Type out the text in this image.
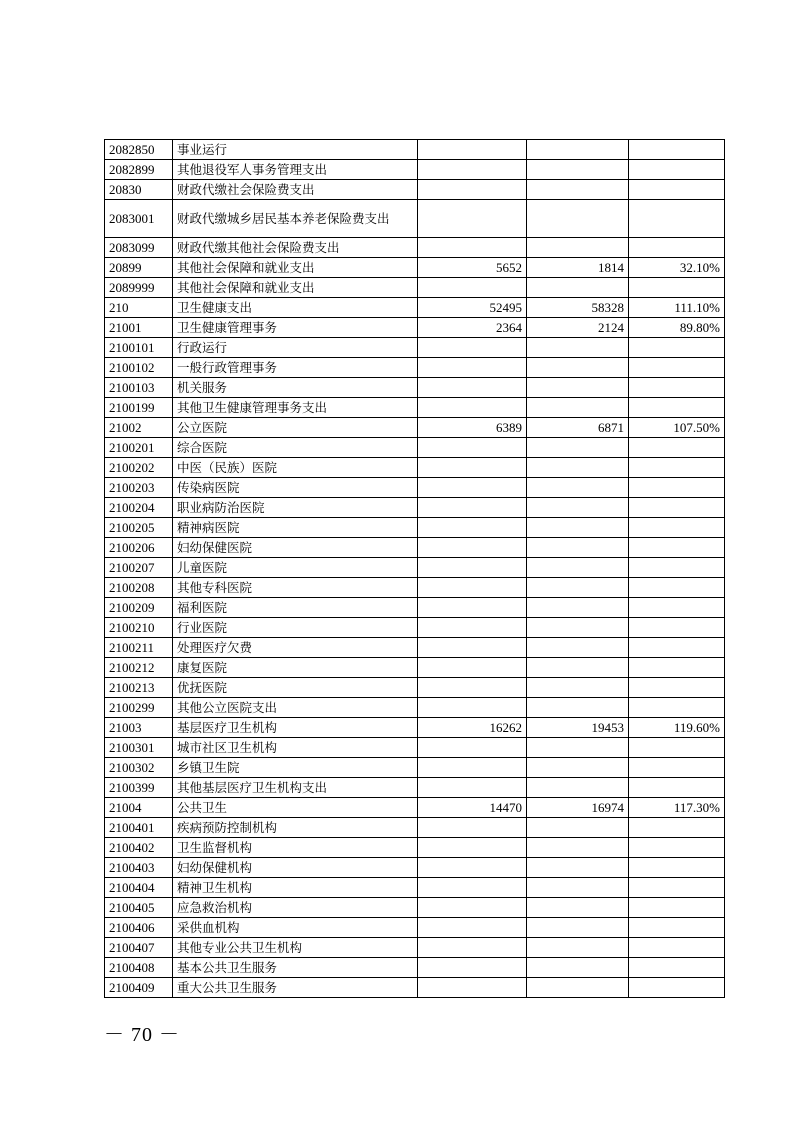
2082850	事业运行			
2082899	其他退役军人事务管理支出			
20830	财政代缴社会保险费支出			
2083001	财政代缴城乡居民基本养老保险费支出			
2083099	财政代缴其他社会保险费支出			
20899	其他社会保障和就业支出	5652	1814	32.10%
2089999	其他社会保障和就业支出			
210	卫生健康支出	52495	58328	111.10%
21001	卫生健康管理事务	2364	2124	89.80%
2100101	行政运行			
2100102	一般行政管理事务			
2100103	机关服务			
2100199	其他卫生健康管理事务支出			
21002	公立医院	6389	6871	107.50%
2100201	综合医院			
2100202	中医（民族）医院			
2100203	传染病医院			
2100204	职业病防治医院			
2100205	精神病医院			
2100206	妇幼保健医院			
2100207	儿童医院			
2100208	其他专科医院			
2100209	福利医院			
2100210	行业医院			
2100211	处理医疗欠费			
2100212	康复医院			
2100213	优抚医院			
2100299	其他公立医院支出			
21003	基层医疗卫生机构	16262	19453	119.60%
2100301	城市社区卫生机构			
2100302	乡镇卫生院			
2100399	其他基层医疗卫生机构支出			
21004	公共卫生	14470	16974	117.30%
2100401	疾病预防控制机构			
2100402	卫生监督机构			
2100403	妇幼保健机构			
2100404	精神卫生机构			
2100405	应急救治机构			
2100406	采供血机构			
2100407	其他专业公共卫生机构			
2100408	基本公共卫生服务			
2100409	重大公共卫生服务			
－ 70 －
